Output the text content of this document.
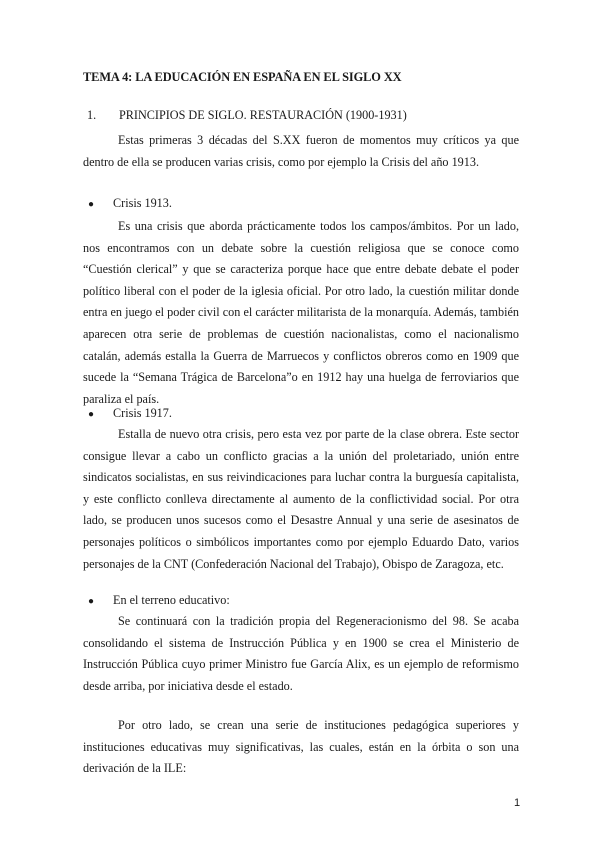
TEMA 4: LA EDUCACIÓN EN ESPAÑA EN EL SIGLO XX
1. PRINCIPIOS DE SIGLO. RESTAURACIÓN (1900-1931)

Estas primeras 3 décadas del S.XX fueron de momentos muy críticos ya que dentro de ella se producen varias crisis, como por ejemplo la Crisis del año 1913.

● Crisis 1913.

Es una crisis que aborda prácticamente todos los campos/ámbitos. Por un lado, nos encontramos con un debate sobre la cuestión religiosa que se conoce como “Cuestión clerical” y que se caracteriza porque hace que entre debate debate el poder político liberal con el poder de la iglesia oficial. Por otro lado, la cuestión militar donde entra en juego el poder civil con el carácter militarista de la monarquía. Además, también aparecen otra serie de problemas de cuestión nacionalistas, como el nacionalismo catalán, además estalla la Guerra de Marruecos y conflictos obreros como en 1909 que sucede la “Semana Trágica de Barcelona”o en 1912 hay una huelga de ferroviarios que paraliza el país.

● Crisis 1917.

Estalla de nuevo otra crisis, pero esta vez por parte de la clase obrera. Este sector consigue llevar a cabo un conflicto gracias a la unión del proletariado, unión entre sindicatos socialistas, en sus reivindicaciones para luchar contra la burguesía capitalista, y este conflicto conlleva directamente al aumento de la conflictividad social. Por otra lado, se producen unos sucesos como el Desastre Annual y una serie de asesinatos de personajes políticos o simbólicos importantes como por ejemplo Eduardo Dato, varios personajes de la CNT (Confederación Nacional del Trabajo), Obispo de Zaragoza, etc.

● En el terreno educativo:

Se continuará con la tradición propia del Regeneracionismo del 98. Se acaba consolidando el sistema de Instrucción Pública y en 1900 se crea el Ministerio de Instrucción Pública cuyo primer Ministro fue García Alix, es un ejemplo de reformismo desde arriba, por iniciativa desde el estado.

Por otro lado, se crean una serie de instituciones pedagógica superiores y instituciones educativas muy significativas, las cuales, están en la órbita o son una derivación de la ILE:

1
